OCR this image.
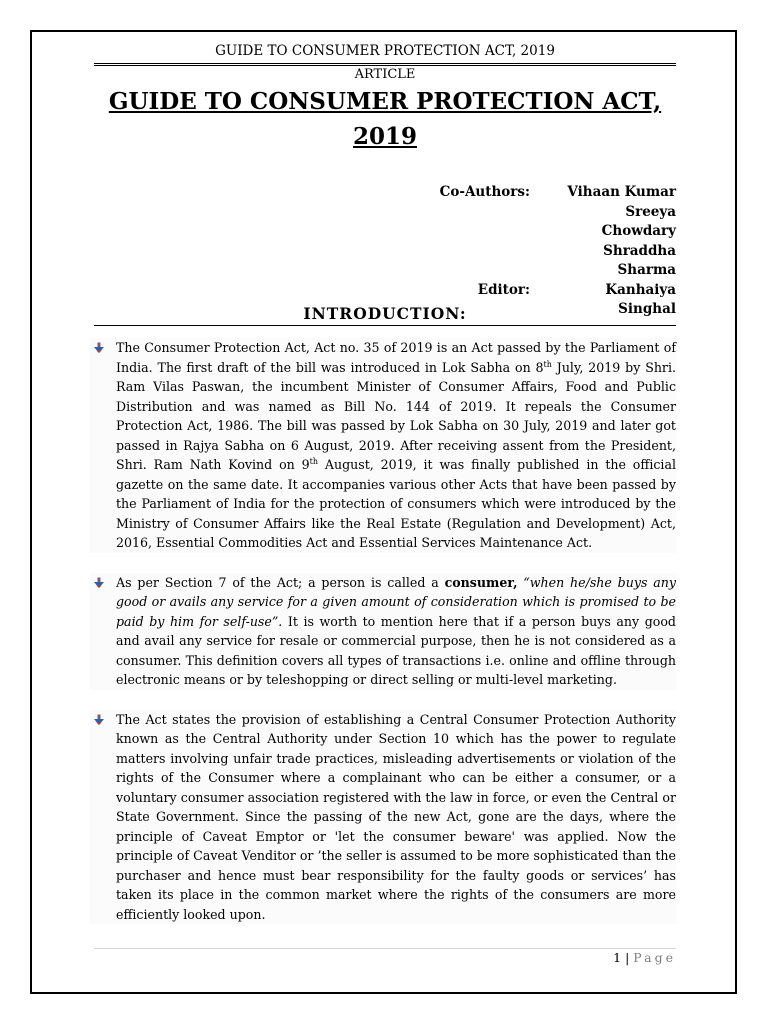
GUIDE TO CONSUMER PROTECTION ACT, 2019
ARTICLE
GUIDE TO CONSUMER PROTECTION ACT,
2019
Co-Authors:	Vihaan Kumar
Sreeya Chowdary
Shraddha Sharma
Editor:	Kanhaiya Singhal
INTRODUCTION:
The Consumer Protection Act, Act no. 35 of 2019 is an Act passed by the Parliament of India. The first draft of the bill was introduced in Lok Sabha on 8th July, 2019 by Shri. Ram Vilas Paswan, the incumbent Minister of Consumer Affairs, Food and Public Distribution and was named as Bill No. 144 of 2019. It repeals the Consumer Protection Act, 1986. The bill was passed by Lok Sabha on 30 July, 2019 and later got passed in Rajya Sabha on 6 August, 2019. After receiving assent from the President, Shri. Ram Nath Kovind on 9th August, 2019, it was finally published in the official gazette on the same date. It accompanies various other Acts that have been passed by the Parliament of India for the protection of consumers which were introduced by the Ministry of Consumer Affairs like the Real Estate (Regulation and Development) Act, 2016, Essential Commodities Act and Essential Services Maintenance Act.
As per Section 7 of the Act; a person is called a consumer, “when he/she buys any good or avails any service for a given amount of consideration which is promised to be paid by him for self-use”. It is worth to mention here that if a person buys any good and avail any service for resale or commercial purpose, then he is not considered as a consumer. This definition covers all types of transactions i.e. online and offline through electronic means or by teleshopping or direct selling or multi-level marketing.
The Act states the provision of establishing a Central Consumer Protection Authority known as the Central Authority under Section 10 which has the power to regulate matters involving unfair trade practices, misleading advertisements or violation of the rights of the Consumer where a complainant who can be either a consumer, or a voluntary consumer association registered with the law in force, or even the Central or State Government. Since the passing of the new Act, gone are the days, where the principle of Caveat Emptor or 'let the consumer beware' was applied. Now the principle of Caveat Venditor or ’the seller is assumed to be more sophisticated than the purchaser and hence must bear responsibility for the faulty goods or services’ has taken its place in the common market where the rights of the consumers are more efficiently looked upon.
1 | Page
